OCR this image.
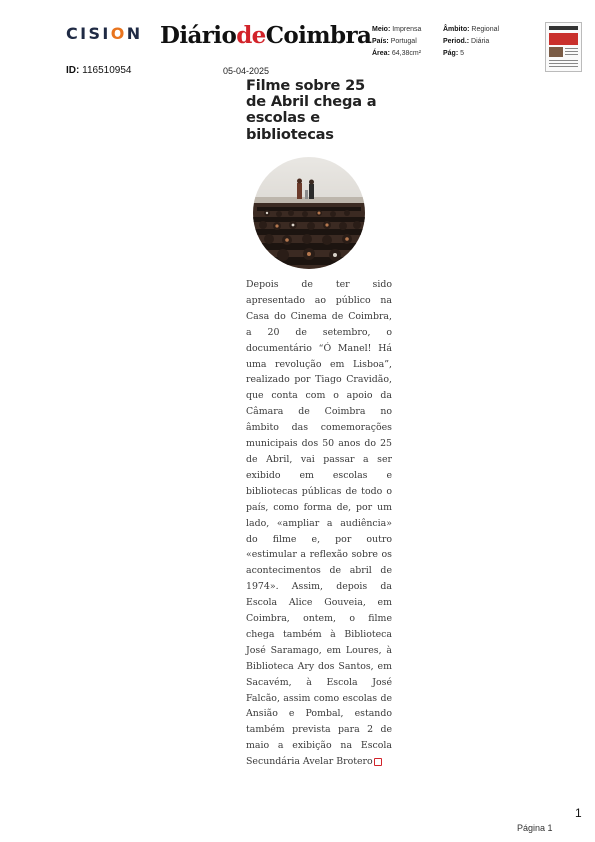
CISION DiáriodeCoimbra Meio: Imprensa
País: Portugal
Área: 64,38cm²
Âmbito: Regional
Period.: Diária
Pág: 5
ID: 116510954	05-04-2025
Filme sobre 25 de Abril chega a escolas e bibliotecas

Depois de ter sido apresentado ao público na Casa do Cinema de Coimbra, a 20 de setembro, o documentário “Ó Manel! Há uma revolução em Lisboa”, realizado por Tiago Cravidão, que conta com o apoio da Câmara de Coimbra no âmbito das comemorações municipais dos 50 anos do 25 de Abril, vai passar a ser exibido em escolas e bibliotecas públicas de todo o país, como forma de, por um lado, «ampliar a audiência» do filme e, por outro «estimular a reflexão sobre os acontecimentos de abril de 1974». Assim, depois da Escola Alice Gouveia, em Coimbra, ontem, o filme chega também à Biblioteca José Saramago, em Loures, à Biblioteca Ary dos Santos, em Sacavém, à Escola José Falcão, assim como escolas de Ansião e Pombal, estando também prevista para 2 de maio a exibição na Escola Secundária Avelar Brotero

1
Página 1
